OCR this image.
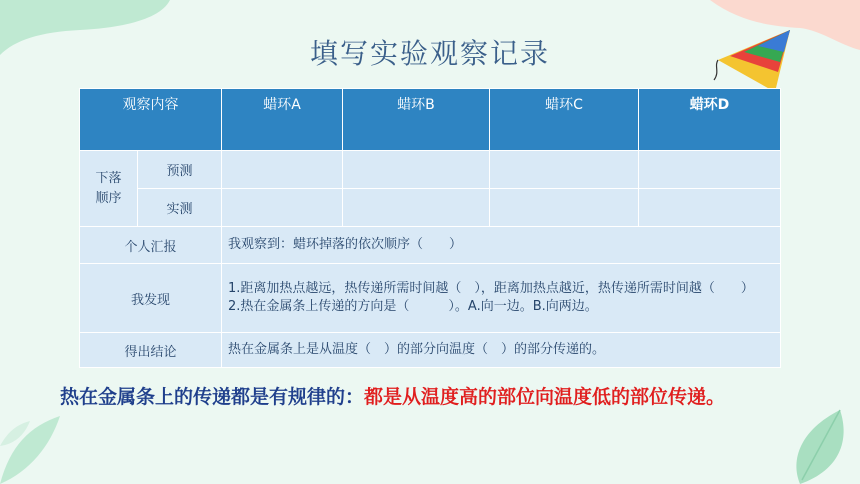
填写实验观察记录
观察内容		蜡环A	蜡环B	蜡环C	蜡环D
下落
顺序	预测				
	实测				
个人汇报		我观察到：蜡环掉落的依次顺序（　　）			
我发现		1.距离加热点越远，热传递所需时间越（　），距离加热点越近，热传递所需时间越（　　）
2.热在金属条上传递的方向是（　　　）。A.向一边。B.向两边。			

得出结论		热在金属条上是从温度（　）的部分向温度（　）的部分传递的。			
热在金属条上的传递都是有规律的：都是从温度高的部位向温度低的部位传递。
